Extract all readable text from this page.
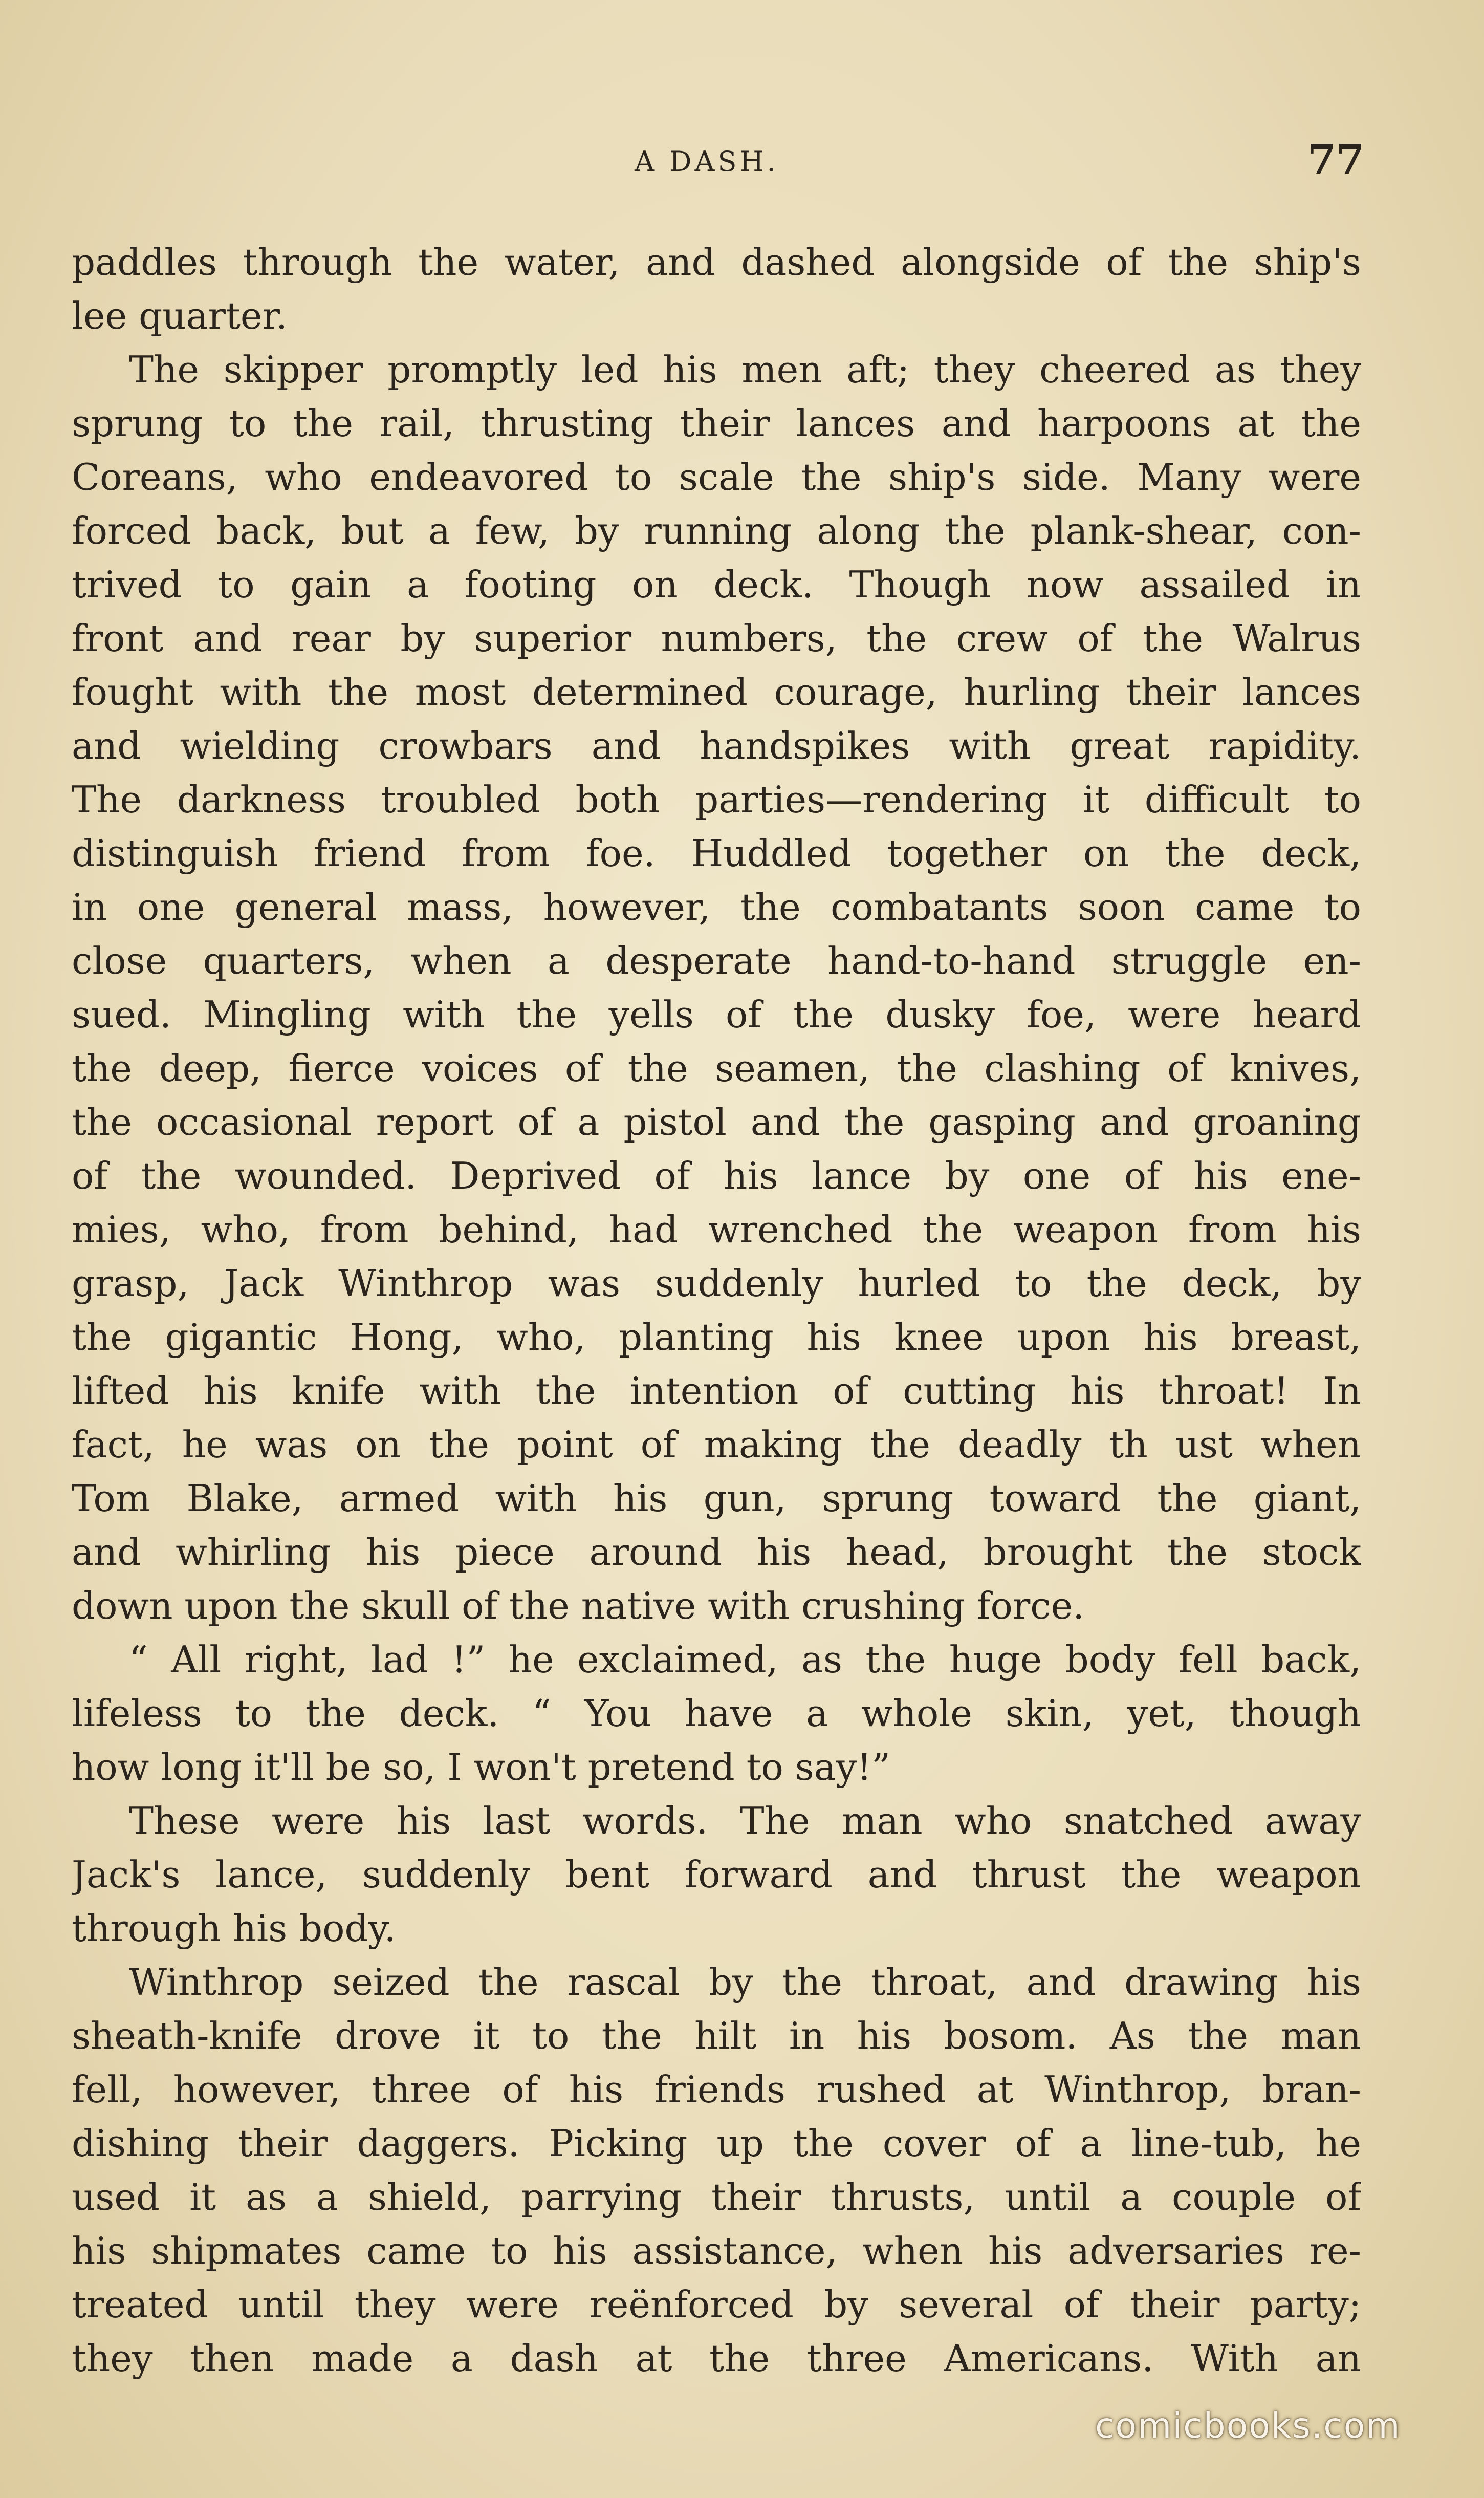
A DASH.	77
paddles through the water, and dashed alongside of the ship's
lee quarter.
The skipper promptly led his men aft; they cheered as they
sprung to the rail, thrusting their lances and harpoons at the
Coreans, who endeavored to scale the ship's side. Many were
forced back, but a few, by running along the plank-shear, con-
trived to gain a footing on deck. Though now assailed in
front and rear by superior numbers, the crew of the Walrus
fought with the most determined courage, hurling their lances
and wielding crowbars and handspikes with great rapidity.
The darkness troubled both parties—rendering it difficult to
distinguish friend from foe. Huddled together on the deck,
in one general mass, however, the combatants soon came to
close quarters, when a desperate hand-to-hand struggle en-
sued. Mingling with the yells of the dusky foe, were heard
the deep, fierce voices of the seamen, the clashing of knives,
the occasional report of a pistol and the gasping and groaning
of the wounded. Deprived of his lance by one of his ene-
mies, who, from behind, had wrenched the weapon from his
grasp, Jack Winthrop was suddenly hurled to the deck, by
the gigantic Hong, who, planting his knee upon his breast,
lifted his knife with the intention of cutting his throat! In
fact, he was on the point of making the deadly th ust when
Tom Blake, armed with his gun, sprung toward the giant,
and whirling his piece around his head, brought the stock
down upon the skull of the native with crushing force.
“ All right, lad !” he exclaimed, as the huge body fell back,
lifeless to the deck. “ You have a whole skin, yet, though
how long it'll be so, I won't pretend to say!”
These were his last words. The man who snatched away
Jack's lance, suddenly bent forward and thrust the weapon
through his body.
Winthrop seized the rascal by the throat, and drawing his
sheath-knife drove it to the hilt in his bosom. As the man
fell, however, three of his friends rushed at Winthrop, bran-
dishing their daggers. Picking up the cover of a line-tub, he
used it as a shield, parrying their thrusts, until a couple of
his shipmates came to his assistance, when his adversaries re-
treated until they were reënforced by several of their party;
they then made a dash at the three Americans. With an
comicbooks.com
